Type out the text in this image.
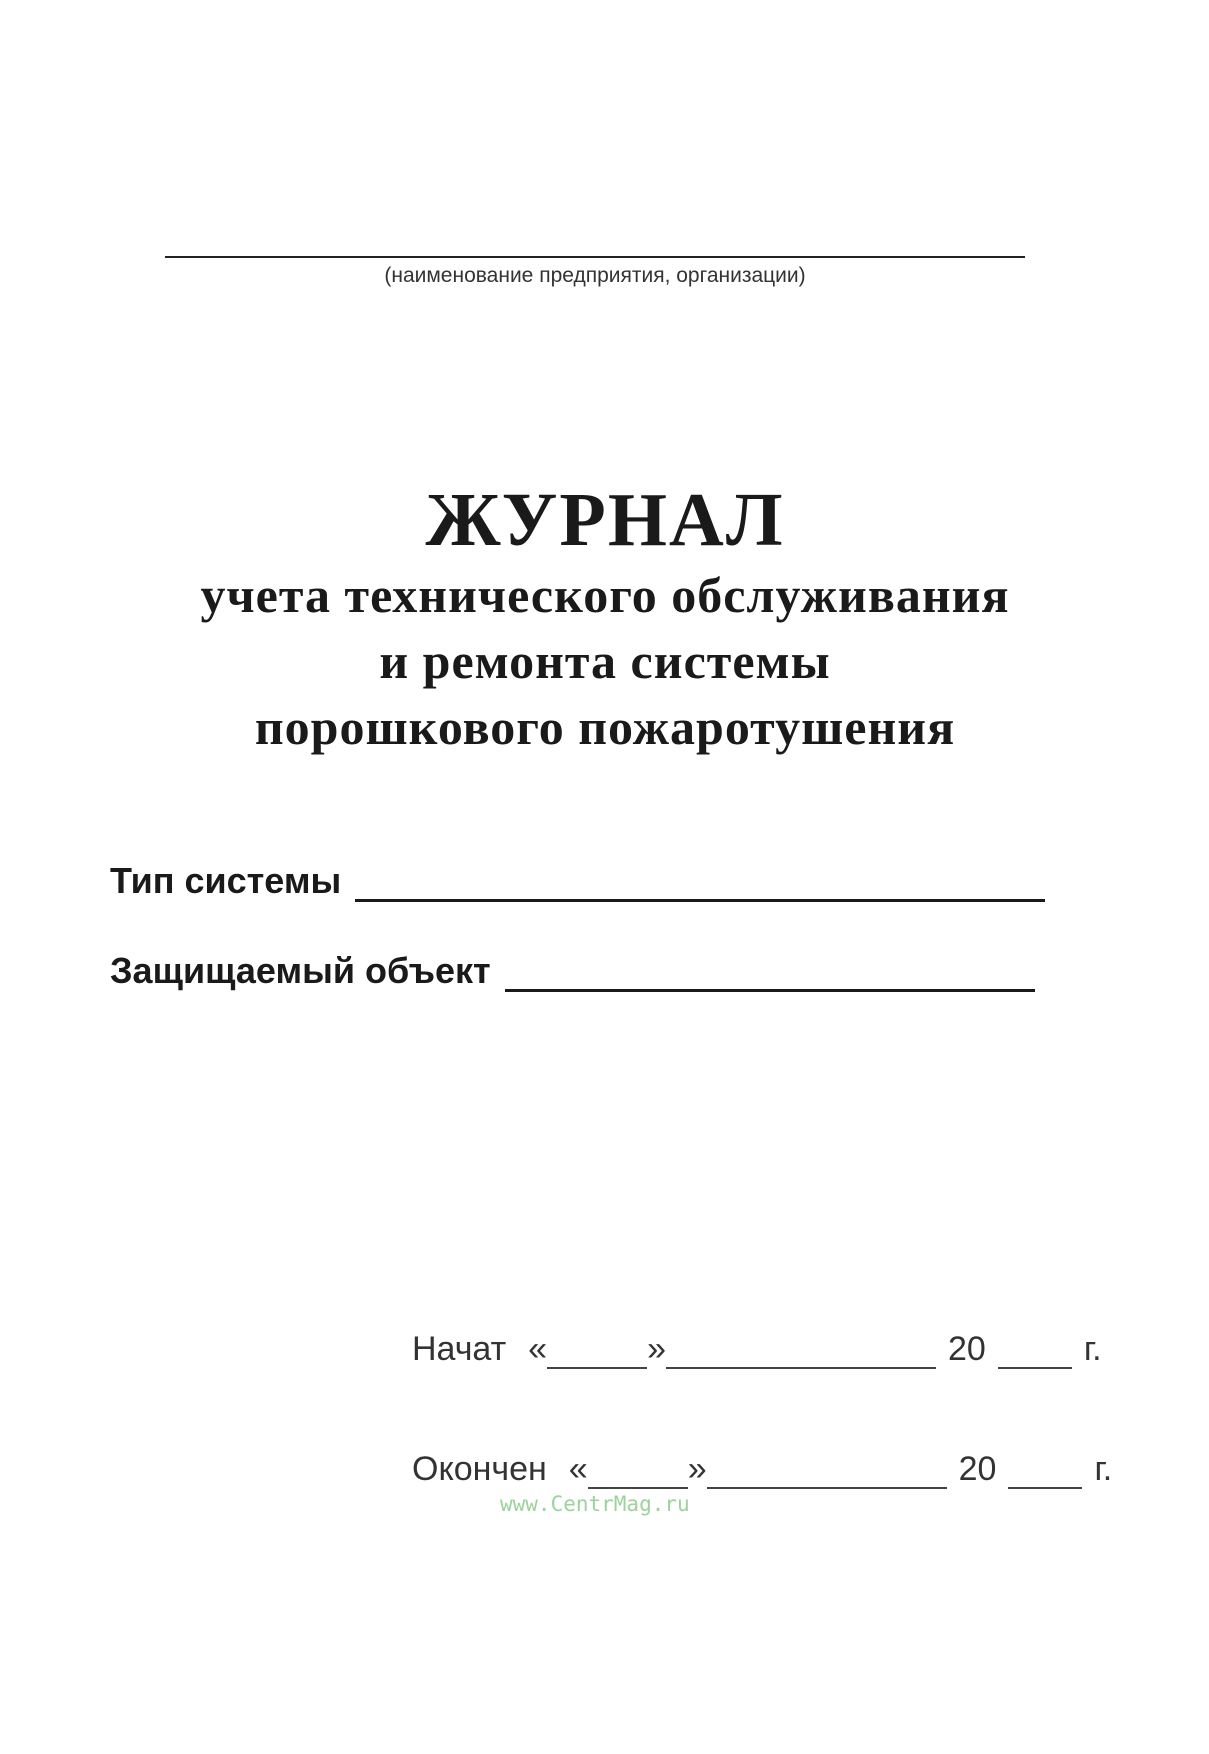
(наименование предприятия, организации)
ЖУРНАЛ
учета технического обслуживания
и ремонта системы
порошкового пожаротушения
Тип системы
Защищаемый объект
Начат «	»	20	г.
Окончен «	»	20	г.
www.CentrMag.ru
